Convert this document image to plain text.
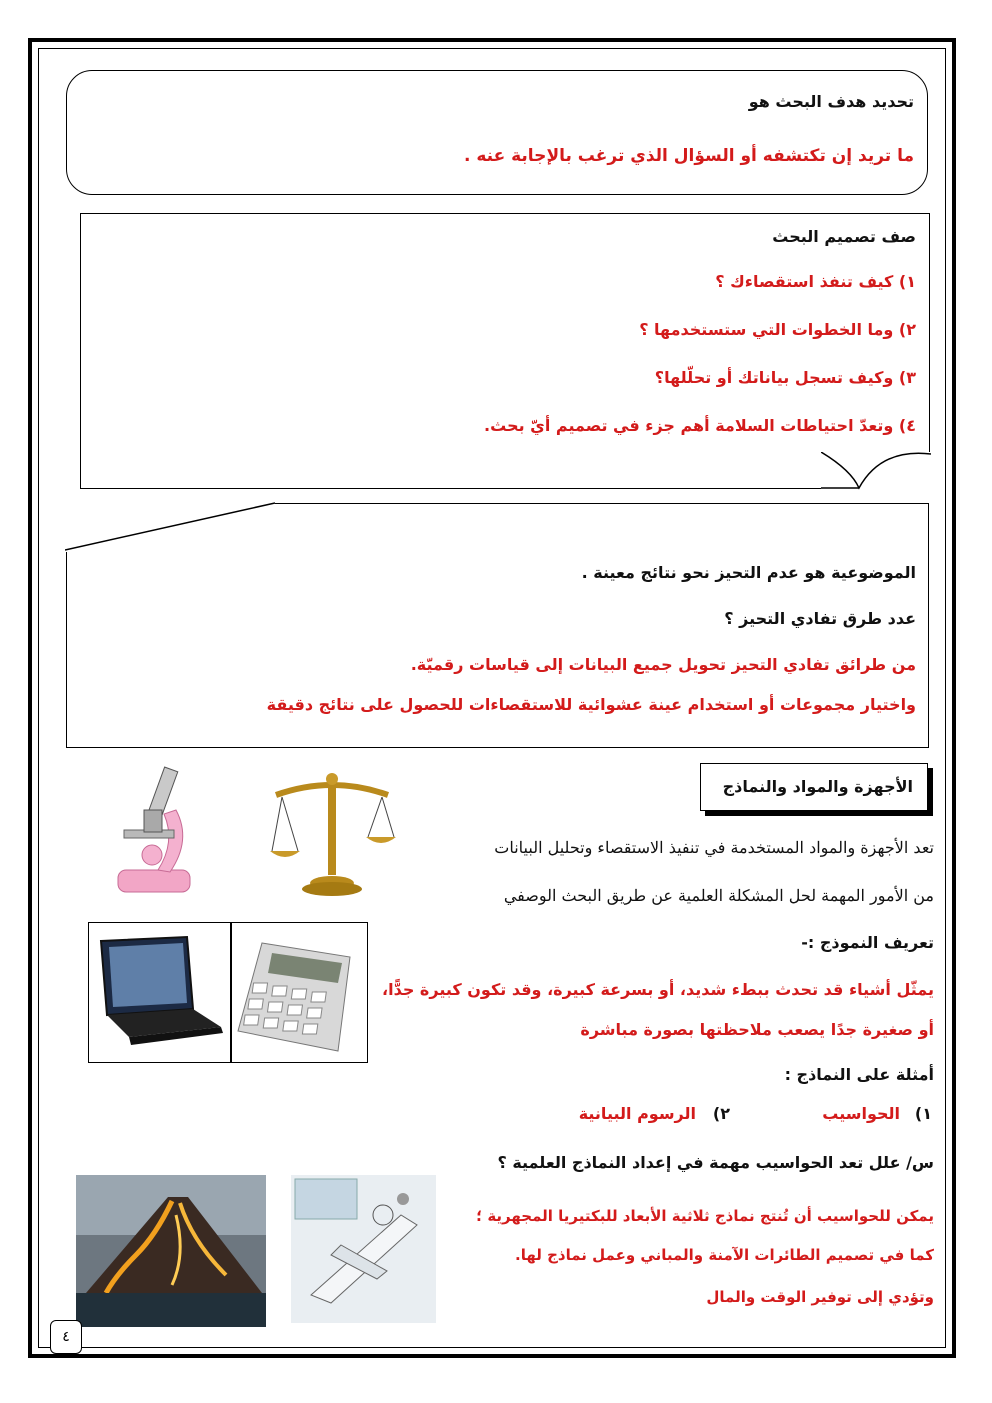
تحديد هدف البحث هو
ما تريد إن تكتشفه أو السؤال الذي ترغب بالإجابة عنه .
صف تصميم البحث
١) كيف تنفذ استقصاءك ؟
٢) وما الخطوات التي ستستخدمها ؟
٣) وكيف تسجل بياناتك أو تحلّلها؟
٤) وتعدّ احتياطات السلامة أهم جزء في تصميم أيّ بحث.
الموضوعية هو عدم التحيز نحو نتائج معينة .
عدد طرق تفادي التحيز ؟
من طرائق تفادي التحيز تحويل جميع البيانات إلى قياسات رقميّة.
واختيار مجموعات أو استخدام عينة عشوائية للاستقصاءات للحصول على نتائج دقيقة
الأجهزة والمواد والنماذج
تعد الأجهزة والمواد المستخدمة في تنفيذ الاستقصاء وتحليل البيانات
من الأمور المهمة لحل المشكلة العلمية عن طريق البحث الوصفي
تعريف النموذج :-
يمثّل أشياء قد تحدث ببطء شديد، أو بسرعة كبيرة، وقد تكون كبيرة جدًّا،
أو صغيرة جدًا يصعب ملاحظتها بصورة مباشرة
أمثلة على النماذج :
١)
الحواسيب
٢)
الرسوم البيانية
س/ علل تعد الحواسيب مهمة في إعداد النماذج العلمية ؟
يمكن للحواسيب أن تُنتج نماذج ثلاثية الأبعاد للبكتيريا المجهرية ؛
كما في تصميم الطائرات الآمنة والمباني وعمل نماذج لها.
وتؤدي إلى توفير الوقت والمال
٤
